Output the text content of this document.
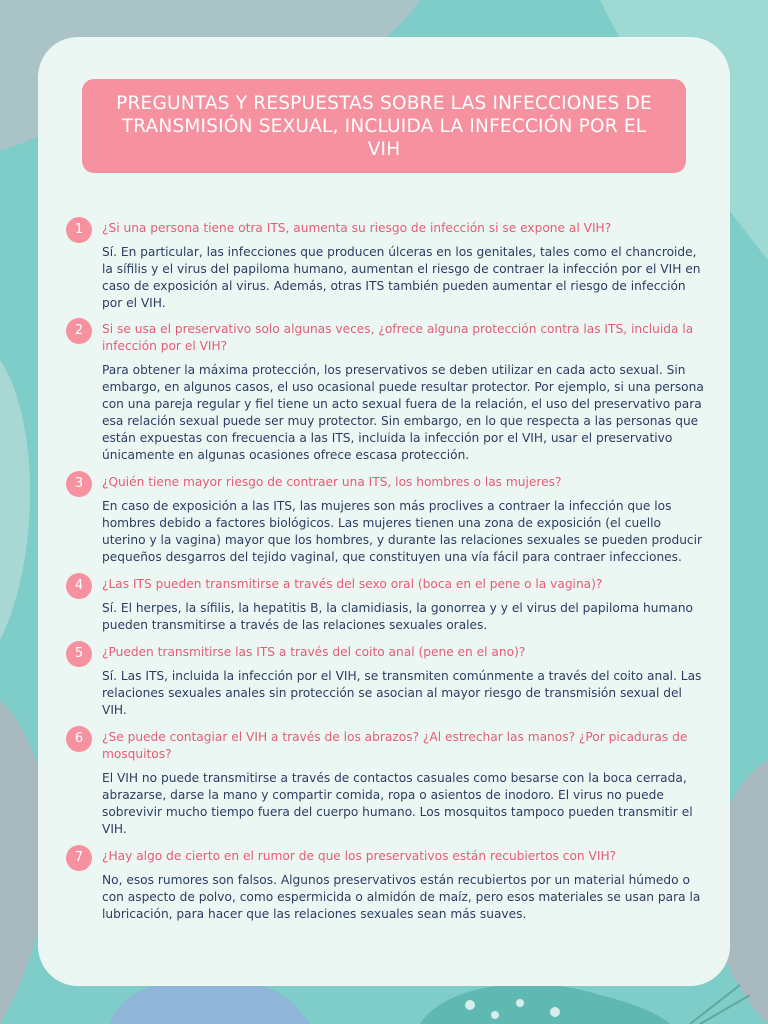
PREGUNTAS Y RESPUESTAS SOBRE LAS INFECCIONES DE TRANSMISIÓN SEXUAL, INCLUIDA LA INFECCIÓN POR EL VIH
1	¿Si una persona tiene otra ITS, aumenta su riesgo de infección si se expone al VIH?

Sí. En particular, las infecciones que producen úlceras en los genitales, tales como el chancroide, la sífilis y el virus del papiloma humano, aumentan el riesgo de contraer la infección por el VIH en caso de exposición al virus. Además, otras ITS también pueden aumentar el riesgo de infección por el VIH.

2	Si se usa el preservativo solo algunas veces, ¿ofrece alguna protección contra las ITS, incluida la infección por el VIH?

Para obtener la máxima protección, los preservativos se deben utilizar en cada acto sexual. Sin embargo, en algunos casos, el uso ocasional puede resultar protector. Por ejemplo, si una persona con una pareja regular y fiel tiene un acto sexual fuera de la relación, el uso del preservativo para esa relación sexual puede ser muy protector. Sin embargo, en lo que respecta a las personas que están expuestas con frecuencia a las ITS, incluida la infección por el VIH, usar el preservativo únicamente en algunas ocasiones ofrece escasa protección.

3	¿Quién tiene mayor riesgo de contraer una ITS, los hombres o las mujeres?

En caso de exposición a las ITS, las mujeres son más proclives a contraer la infección que los hombres debido a factores biológicos. Las mujeres tienen una zona de exposición (el cuello uterino y la vagina) mayor que los hombres, y durante las relaciones sexuales se pueden producir pequeños desgarros del tejido vaginal, que constituyen una vía fácil para contraer infecciones.

4	¿Las ITS pueden transmitirse a través del sexo oral (boca en el pene o la vagina)?

Sí. El herpes, la sífilis, la hepatitis B, la clamidiasis, la gonorrea y y el virus del papiloma humano pueden transmitirse a través de las relaciones sexuales orales.

5	¿Pueden transmitirse las ITS a través del coito anal (pene en el ano)?

Sí. Las ITS, incluida la infección por el VIH, se transmiten comúnmente a través del coito anal. Las relaciones sexuales anales sin protección se asocian al mayor riesgo de transmisión sexual del VIH.

6	¿Se puede contagiar el VIH a través de los abrazos? ¿Al estrechar las manos? ¿Por picaduras de mosquitos?

El VIH no puede transmitirse a través de contactos casuales como besarse con la boca cerrada, abrazarse, darse la mano y compartir comida, ropa o asientos de inodoro. El virus no puede sobrevivir mucho tiempo fuera del cuerpo humano. Los mosquitos tampoco pueden transmitir el VIH.

7	¿Hay algo de cierto en el rumor de que los preservativos están recubiertos con VIH?

No, esos rumores son falsos. Algunos preservativos están recubiertos por un material húmedo o con aspecto de polvo, como espermicida o almidón de maíz, pero esos materiales se usan para la lubricación, para hacer que las relaciones sexuales sean más suaves.
